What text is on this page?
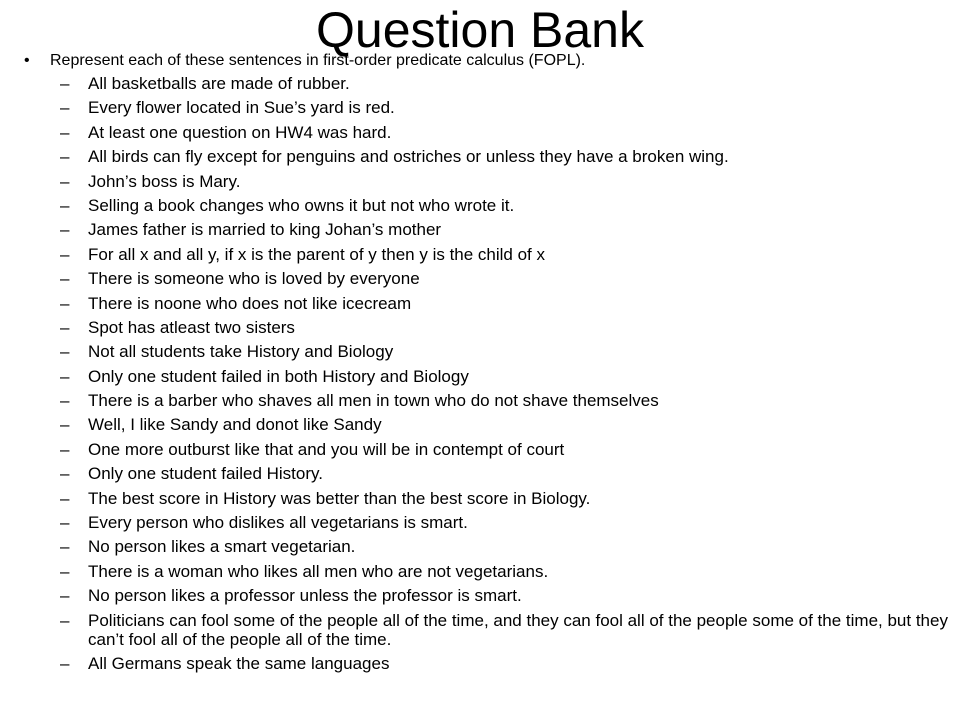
Question Bank
•	Represent each of these sentences in first-order predicate calculus (FOPL).
–	All basketballs are made of rubber.
–	Every flower located in Sue’s yard is red.
–	At least one question on HW4 was hard.
–	All birds can fly except for penguins and ostriches or unless they have a broken wing.
–	John’s boss is Mary.
–	Selling a book changes who owns it but not who wrote it.
–	James father is married to king Johan’s mother
–	For all x and all y, if x is the parent of y then y is the child of x
–	There is someone who is loved by everyone
–	There is noone who does not like icecream
–	Spot has atleast two sisters
–	Not all students take History and Biology
–	Only one student failed in both History and Biology
–	There is a barber who shaves all men in town who do not shave themselves
–	Well, I like Sandy and donot like Sandy
–	One more outburst like that and you will be in contempt of court
–	Only one student failed History.
–	The best score in History was better than the best score in Biology.
–	Every person who dislikes all vegetarians is smart.
–	No person likes a smart vegetarian.
–	There is a woman who likes all men who are not vegetarians.
–	No person likes a professor unless the professor is smart.
–	Politicians can fool some of the people all of the time, and they can fool all of the people some of the time, but they can’t fool all of the people all of the time.
–	All Germans speak the same languages
